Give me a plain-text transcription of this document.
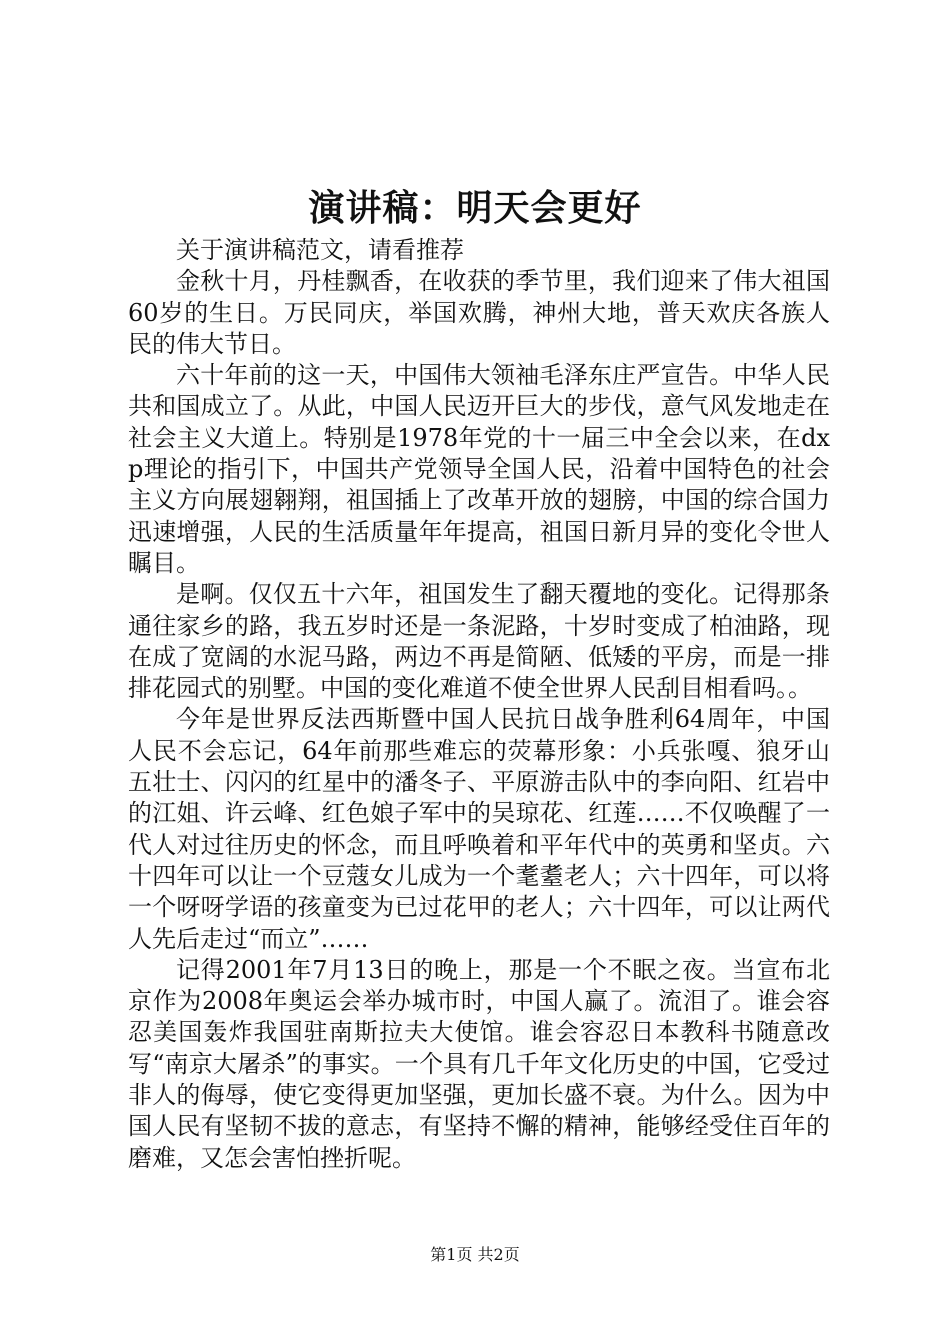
演讲稿：明天会更好

关于演讲稿范文，请看推荐

金秋十月，丹桂飘香，在收获的季节里，我们迎来了伟大祖国60岁的生日。万民同庆，举国欢腾，神州大地，普天欢庆各族人民的伟大节日。

六十年前的这一天，中国伟大领袖毛泽东庄严宣告。中华人民共和国成立了。从此，中国人民迈开巨大的步伐，意气风发地走在社会主义大道上。特别是1978年党的十一届三中全会以来，在dxp理论的指引下，中国共产党领导全国人民，沿着中国特色的社会主义方向展翅翱翔，祖国插上了改革开放的翅膀，中国的综合国力迅速增强，人民的生活质量年年提高，祖国日新月异的变化令世人瞩目。

是啊。仅仅五十六年，祖国发生了翻天覆地的变化。记得那条通往家乡的路，我五岁时还是一条泥路，十岁时变成了柏油路，现在成了宽阔的水泥马路，两边不再是简陋、低矮的平房，而是一排排花园式的别墅。中国的变化难道不使全世界人民刮目相看吗。。

今年是世界反法西斯暨中国人民抗日战争胜利64周年，中国人民不会忘记，64年前那些难忘的荧幕形象：小兵张嘎、狼牙山五壮士、闪闪的红星中的潘冬子、平原游击队中的李向阳、红岩中的江姐、许云峰、红色娘子军中的吴琼花、红莲……不仅唤醒了一代人对过往历史的怀念，而且呼唤着和平年代中的英勇和坚贞。六十四年可以让一个豆蔻女儿成为一个耄耋老人；六十四年，可以将一个呀呀学语的孩童变为已过花甲的老人；六十四年，可以让两代人先后走过“而立”……

记得2001年7月13日的晚上，那是一个不眠之夜。当宣布北京作为2008年奥运会举办城市时，中国人赢了。流泪了。谁会容忍美国轰炸我国驻南斯拉夫大使馆。谁会容忍日本教科书随意改写“南京大屠杀”的事实。一个具有几千年文化历史的中国，它受过非人的侮辱，使它变得更加坚强，更加长盛不衰。为什么。因为中国人民有坚韧不拔的意志，有坚持不懈的精神，能够经受住百年的磨难，又怎会害怕挫折呢。

第1页 共2页
